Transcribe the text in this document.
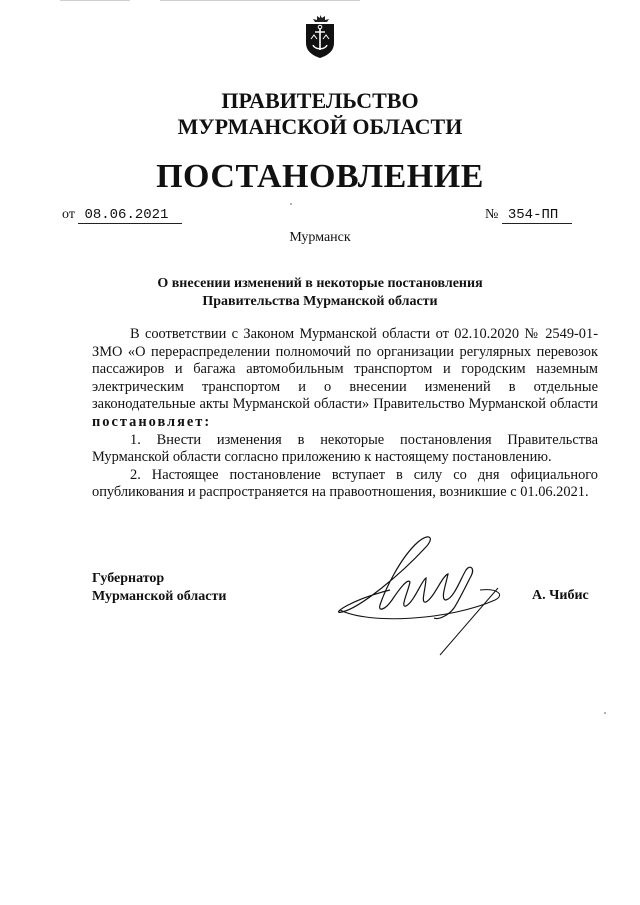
ПРАВИТЕЛЬСТВО
МУРМАНСКОЙ ОБЛАСТИ
ПОСТАНОВЛЕНИЕ
от 08.06.2021	№ 354-ПП
Мурманск
О внесении изменений в некоторые постановления
Правительства Мурманской области

В соответствии с Законом Мурманской области от 02.10.2020 № 2549-01-ЗМО «О перераспределении полномочий по организации регулярных перевозок пассажиров и багажа автомобильным транспортом и городским наземным электрическим транспортом и о внесении изменений в отдельные законодательные акты Мурманской области» Правительство Мурманской области постановляет:

1. Внести изменения в некоторые постановления Правительства Мурманской области согласно приложению к настоящему постановлению.

2. Настоящее постановление вступает в силу со дня официального опубликования и распространяется на правоотношения, возникшие с 01.06.2021.

Губернатор
Мурманской области	А. Чибис
